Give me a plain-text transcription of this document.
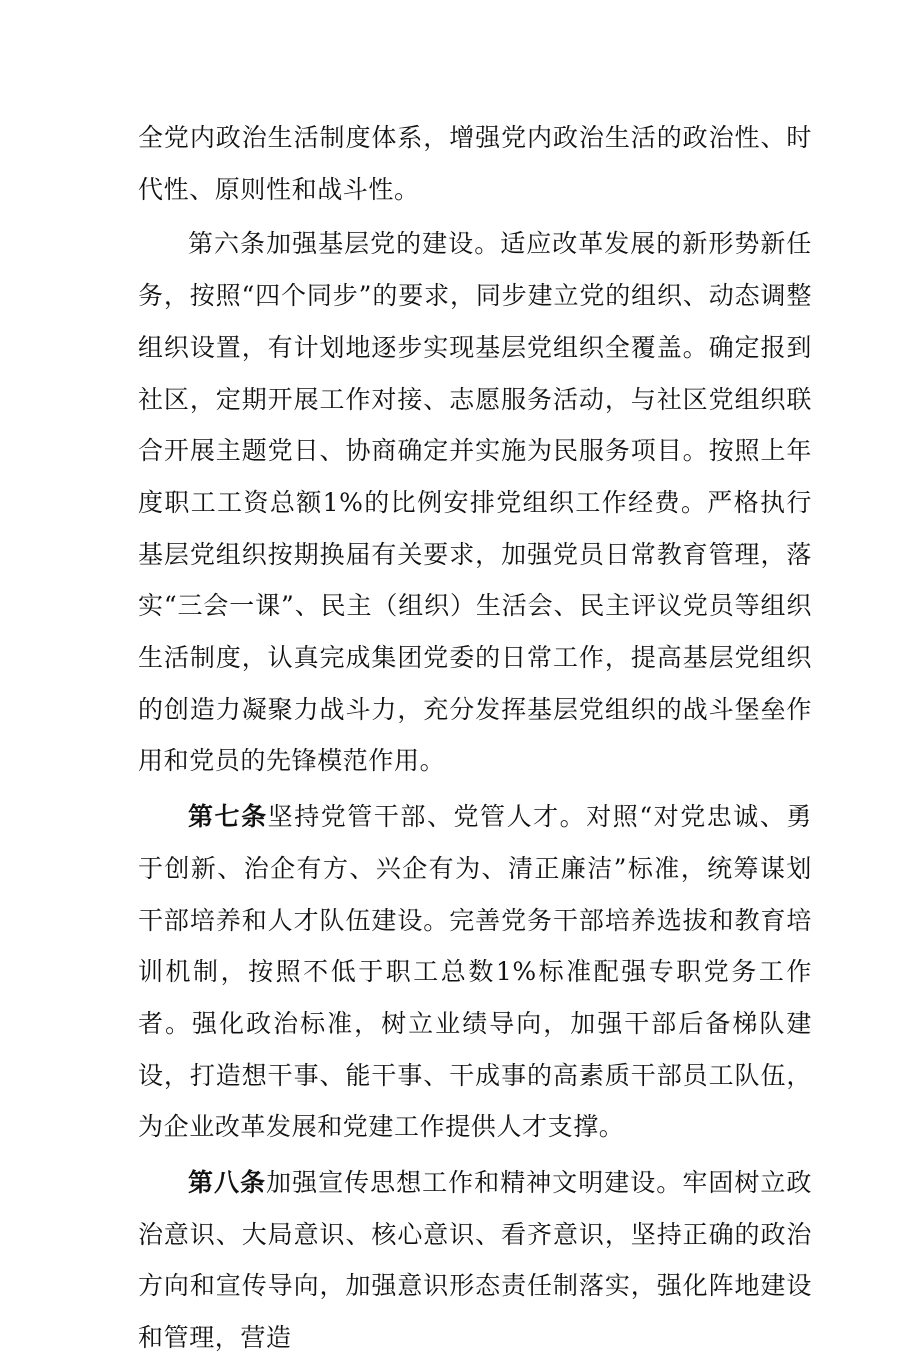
全党内政治生活制度体系，增强党内政治生活的政治性、时代性、原则性和战斗性。

第六条加强基层党的建设。适应改革发展的新形势新任务，按照“四个同步”的要求，同步建立党的组织、动态调整组织设置，有计划地逐步实现基层党组织全覆盖。确定报到社区，定期开展工作对接、志愿服务活动，与社区党组织联合开展主题党日、协商确定并实施为民服务项目。按照上年度职工工资总额1%的比例安排党组织工作经费。严格执行基层党组织按期换届有关要求，加强党员日常教育管理，落实“三会一课”、民主（组织）生活会、民主评议党员等组织生活制度，认真完成集团党委的日常工作，提高基层党组织的创造力凝聚力战斗力，充分发挥基层党组织的战斗堡垒作用和党员的先锋模范作用。

第七条坚持党管干部、党管人才。对照“对党忠诚、勇于创新、治企有方、兴企有为、清正廉洁”标准，统筹谋划干部培养和人才队伍建设。完善党务干部培养选拔和教育培训机制，按照不低于职工总数1%标准配强专职党务工作者。强化政治标准，树立业绩导向，加强干部后备梯队建设，打造想干事、能干事、干成事的高素质干部员工队伍，为企业改革发展和党建工作提供人才支撑。

第八条加强宣传思想工作和精神文明建设。牢固树立政治意识、大局意识、核心意识、看齐意识，坚持正确的政治方向和宣传导向，加强意识形态责任制落实，强化阵地建设和管理，营造
